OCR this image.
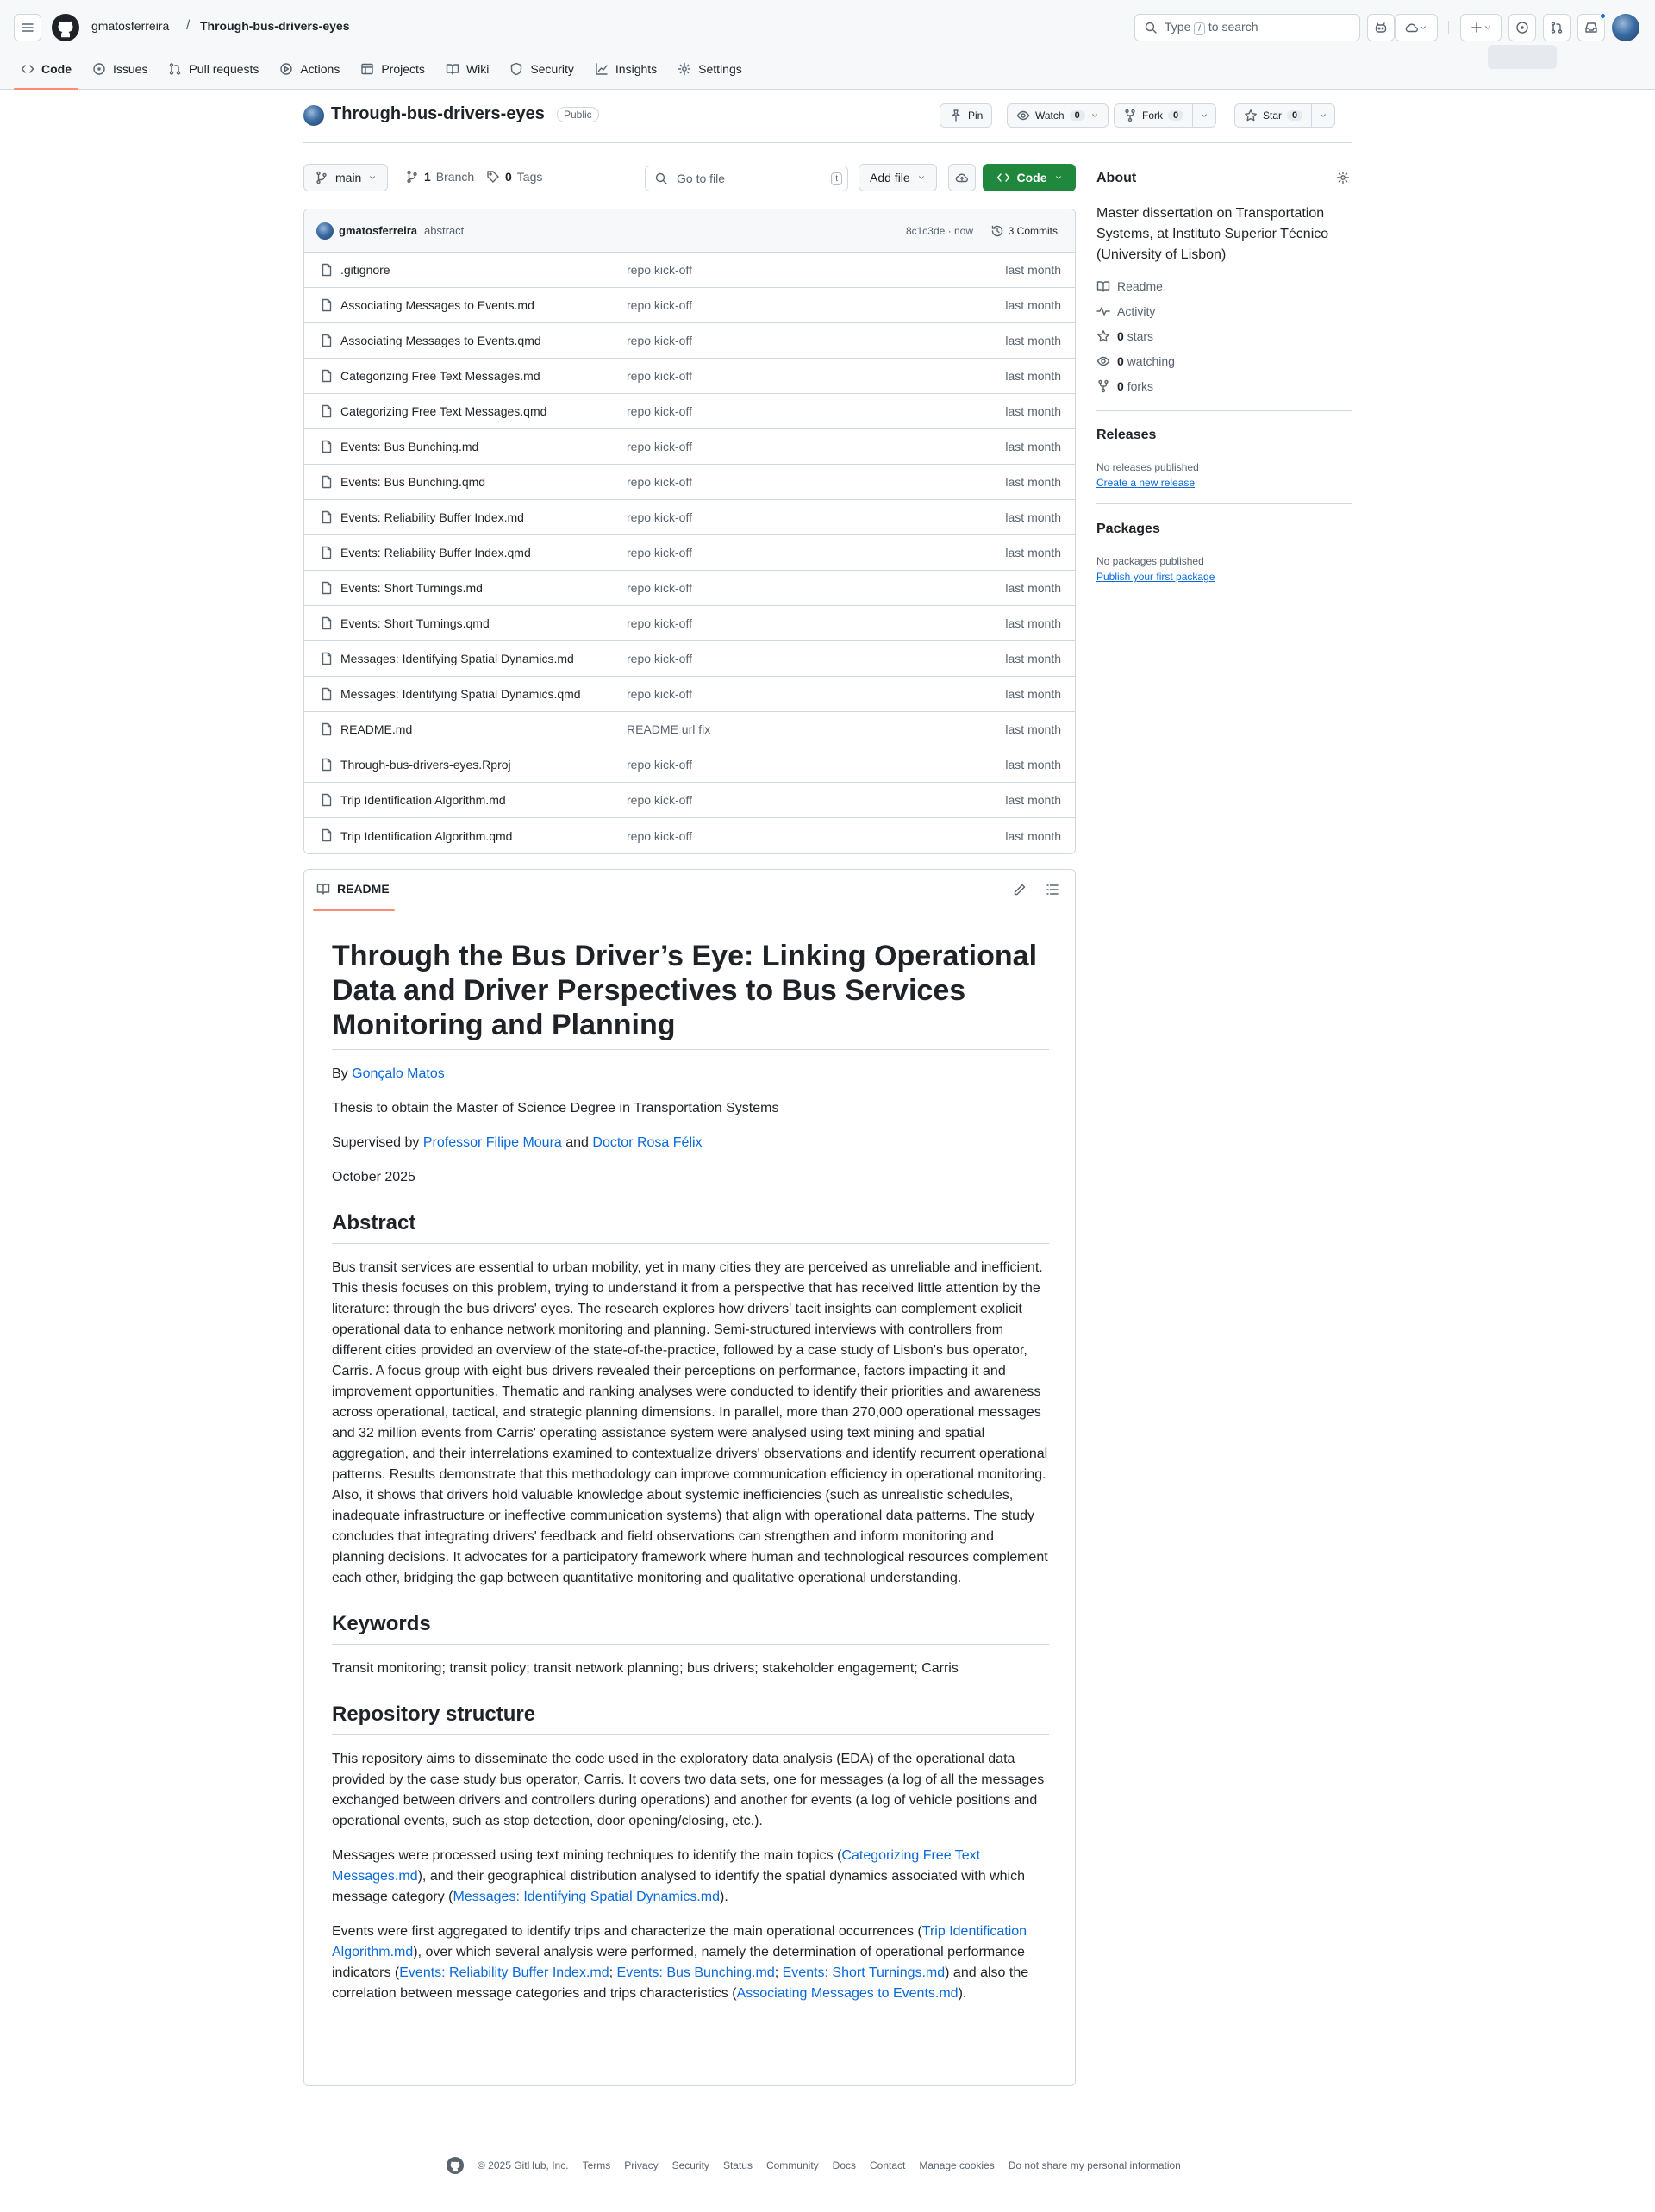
gmatosferreira / Through-bus-drivers-eyes	Type / to search
Code	Issues	Pull requests	Actions	Projects	Wiki	Security	Insights	Settings
Through-bus-drivers-eyes	Public	Pin	Watch	0	Fork	0	Star	0
main	1 Branch	0 Tags	Go to file	t	Add file	Code
gmatosferreira abstract	8c1c3de · now	3 Commits
.gitignore	repo kick-off	last month
Associating Messages to Events.md	repo kick-off	last month
Associating Messages to Events.qmd	repo kick-off	last month
Categorizing Free Text Messages.md	repo kick-off	last month
Categorizing Free Text Messages.qmd	repo kick-off	last month
Events: Bus Bunching.md	repo kick-off	last month
Events: Bus Bunching.qmd	repo kick-off	last month
Events: Reliability Buffer Index.md	repo kick-off	last month
Events: Reliability Buffer Index.qmd	repo kick-off	last month
Events: Short Turnings.md	repo kick-off	last month
Events: Short Turnings.qmd	repo kick-off	last month
Messages: Identifying Spatial Dynamics.md	repo kick-off	last month
Messages: Identifying Spatial Dynamics.qmd	repo kick-off	last month
README.md	README url fix	last month
Through-bus-drivers-eyes.Rproj	repo kick-off	last month
Trip Identification Algorithm.md	repo kick-off	last month
Trip Identification Algorithm.qmd	repo kick-off	last month
README
Through the Bus Driver’s Eye: Linking Operational Data and Driver Perspectives to Bus Services Monitoring and Planning

By Gonçalo Matos

Thesis to obtain the Master of Science Degree in Transportation Systems

Supervised by Professor Filipe Moura and Doctor Rosa Félix

October 2025

Abstract

Bus transit services are essential to urban mobility, yet in many cities they are perceived as unreliable and inefficient. This thesis focuses on this problem, trying to understand it from a perspective that has received little attention by the literature: through the bus drivers' eyes. The research explores how drivers' tacit insights can complement explicit operational data to enhance network monitoring and planning. Semi-structured interviews with controllers from different cities provided an overview of the state-of-the-practice, followed by a case study of Lisbon's bus operator, Carris. A focus group with eight bus drivers revealed their perceptions on performance, factors impacting it and improvement opportunities. Thematic and ranking analyses were conducted to identify their priorities and awareness across operational, tactical, and strategic planning dimensions. In parallel, more than 270,000 operational messages and 32 million events from Carris' operating assistance system were analysed using text mining and spatial aggregation, and their interrelations examined to contextualize drivers' observations and identify recurrent operational patterns. Results demonstrate that this methodology can improve communication efficiency in operational monitoring. Also, it shows that drivers hold valuable knowledge about systemic inefficiencies (such as unrealistic schedules, inadequate infrastructure or ineffective communication systems) that align with operational data patterns. The study concludes that integrating drivers' feedback and field observations can strengthen and inform monitoring and planning decisions. It advocates for a participatory framework where human and technological resources complement each other, bridging the gap between quantitative monitoring and qualitative operational understanding.

Keywords

Transit monitoring; transit policy; transit network planning; bus drivers; stakeholder engagement; Carris

Repository structure

This repository aims to disseminate the code used in the exploratory data analysis (EDA) of the operational data provided by the case study bus operator, Carris. It covers two data sets, one for messages (a log of all the messages exchanged between drivers and controllers during operations) and another for events (a log of vehicle positions and operational events, such as stop detection, door opening/closing, etc.).

Messages were processed using text mining techniques to identify the main topics (Categorizing Free Text Messages.md), and their geographical distribution analysed to identify the spatial dynamics associated with which message category (Messages: Identifying Spatial Dynamics.md).

Events were first aggregated to identify trips and characterize the main operational occurrences (Trip Identification Algorithm.md), over which several analysis were performed, namely the determination of operational performance indicators (Events: Reliability Buffer Index.md; Events: Bus Bunching.md; Events: Short Turnings.md) and also the correlation between message categories and trips characteristics (Associating Messages to Events.md).

About
Master dissertation on Transportation Systems, at Instituto Superior Técnico (University of Lisbon)
Readme
Activity
0 stars
0 watching
0 forks
Releases
No releases published
Create a new release
Packages
No packages published
Publish your first package
© 2025 GitHub, Inc. Terms Privacy Security Status Community Docs Contact Manage cookies Do not share my personal information
